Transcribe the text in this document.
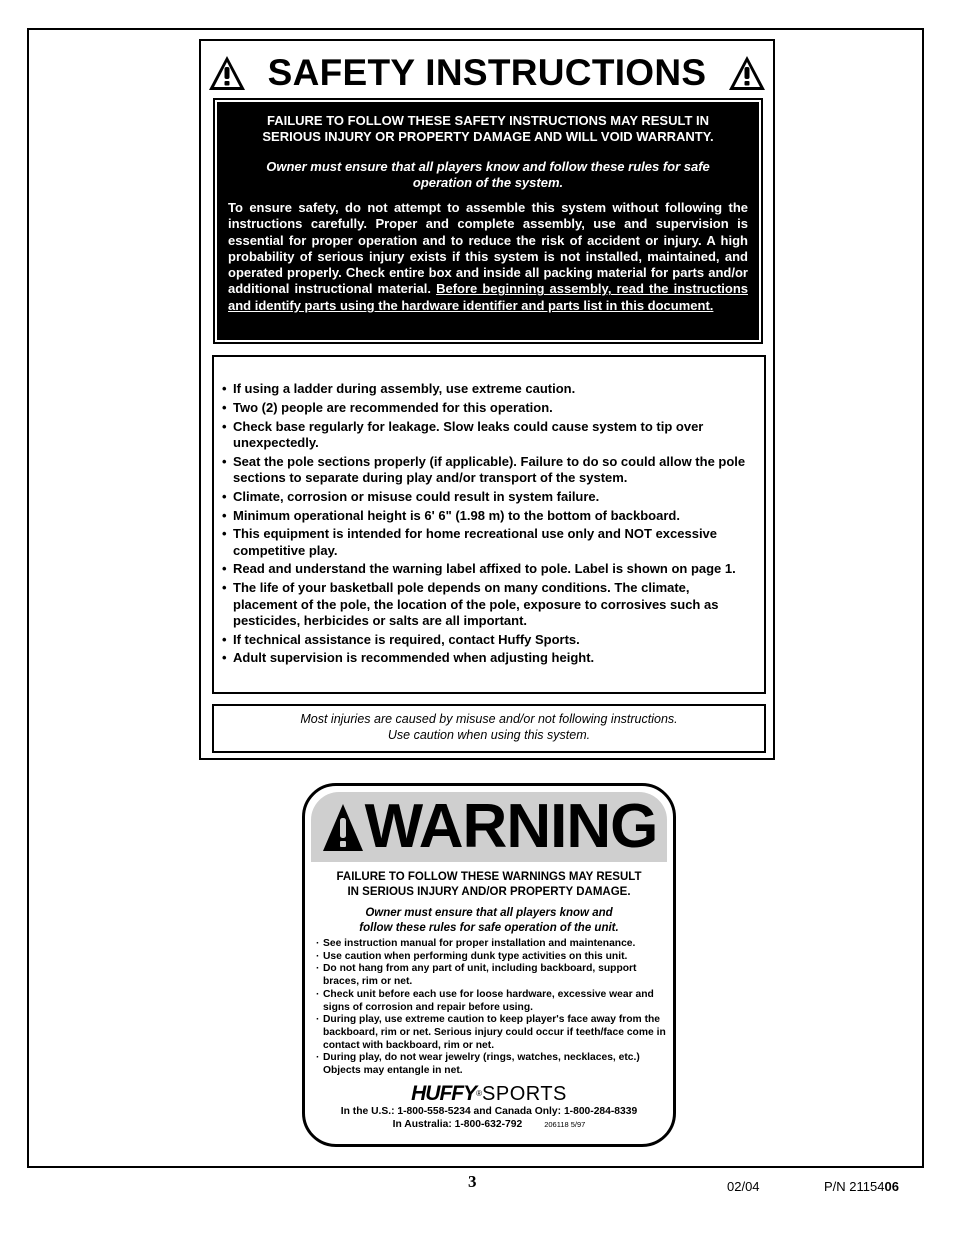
SAFETY INSTRUCTIONS
FAILURE TO FOLLOW THESE SAFETY INSTRUCTIONS MAY RESULT IN
SERIOUS INJURY OR PROPERTY DAMAGE AND WILL VOID WARRANTY.
Owner must ensure that all players know and follow these rules for safe
operation of the system.
To ensure safety, do not attempt to assemble this system without following the instructions carefully. Proper and complete assembly, use and supervision is essential for proper operation and to reduce the risk of accident or injury. A high probability of serious injury exists if this system is not installed, maintained, and operated properly. Check entire box and inside all packing material for parts and/or additional instructional material. Before beginning assembly, read the instructions and identify parts using the hardware identifier and parts list in this document.
• If using a ladder during assembly, use extreme caution.
• Two (2) people are recommended for this operation.
• Check base regularly for leakage. Slow leaks could cause system to tip over unexpectedly.
• Seat the pole sections properly (if applicable). Failure to do so could allow the pole sections to separate during play and/or transport of the system.
• Climate, corrosion or misuse could result in system failure.
• Minimum operational height is 6' 6" (1.98 m) to the bottom of backboard.
• This equipment is intended for home recreational use only and NOT excessive competitive play.
• Read and understand the warning label affixed to pole. Label is shown on page 1.
• The life of your basketball pole depends on many conditions. The climate, placement of the pole, the location of the pole, exposure to corrosives such as pesticides, herbicides or salts are all important.
• If technical assistance is required, contact Huffy Sports.
• Adult supervision is recommended when adjusting height.
Most injuries are caused by misuse and/or not following instructions.
Use caution when using this system.
WARNING
FAILURE TO FOLLOW THESE WARNINGS MAY RESULT
IN SERIOUS INJURY AND/OR PROPERTY DAMAGE.
Owner must ensure that all players know and
follow these rules for safe operation of the unit.
· See instruction manual for proper installation and maintenance.
· Use caution when performing dunk type activities on this unit.
· Do not hang from any part of unit, including backboard, support braces, rim or net.
· Check unit before each use for loose hardware, excessive wear and signs of corrosion and repair before using.
· During play, use extreme caution to keep player's face away from the backboard, rim or net. Serious injury could occur if teeth/face come in contact with backboard, rim or net.
· During play, do not wear jewelry (rings, watches, necklaces, etc.) Objects may entangle in net.
HUFFY®SPORTS
In the U.S.: 1-800-558-5234 and Canada Only: 1-800-284-8339
In Australia: 1-800-632-792	206118 5/97
3	02/04	P/N 2115406
